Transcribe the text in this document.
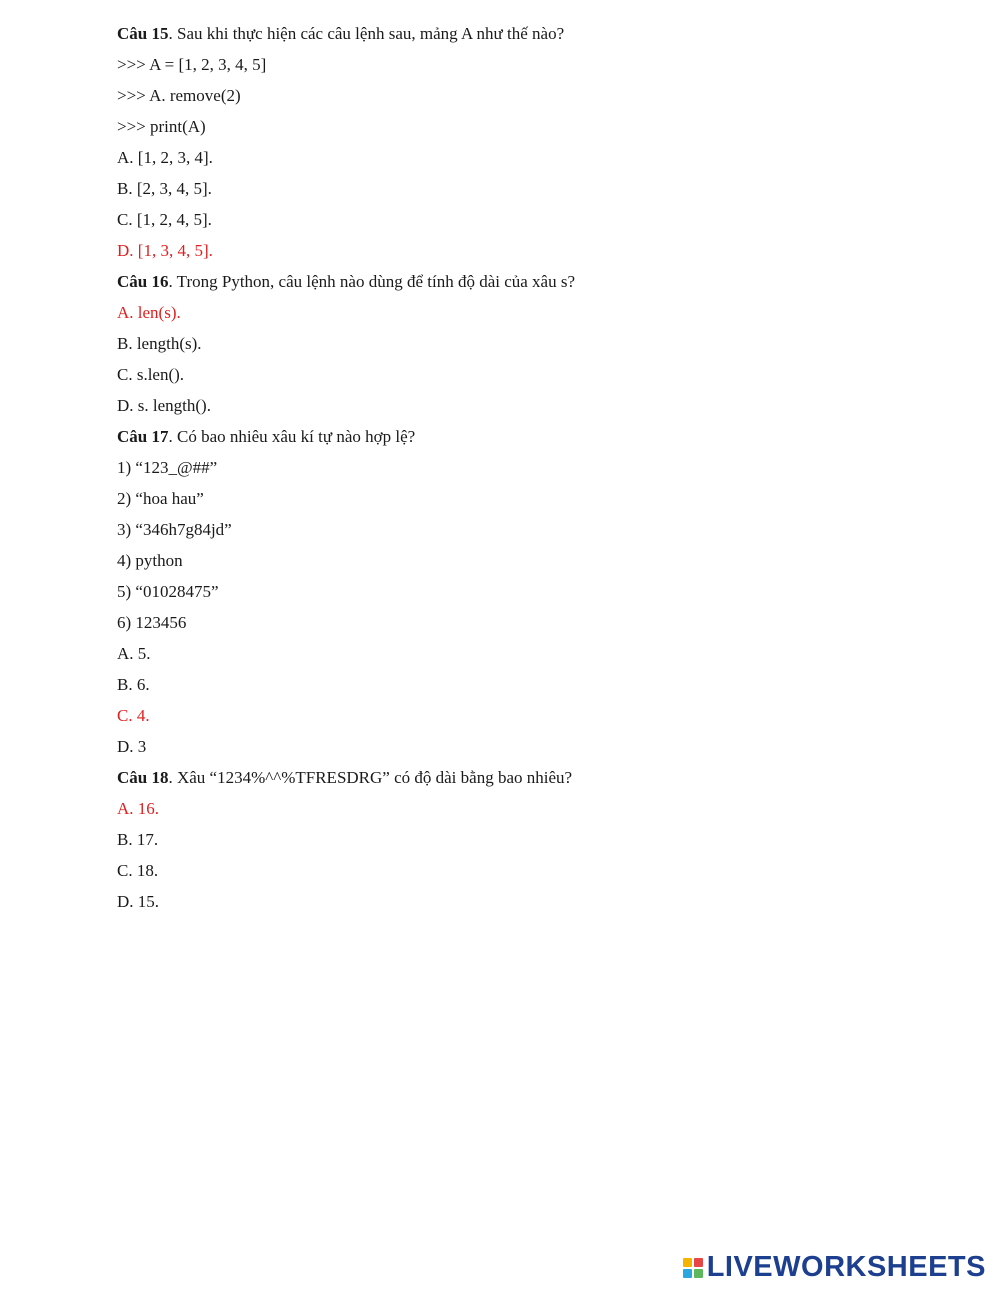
Câu 15. Sau khi thực hiện các câu lệnh sau, mảng A như thế nào?
>>> A = [1, 2, 3, 4, 5]
>>> A. remove(2)
>>> print(A)
A. [1, 2, 3, 4].
B. [2, 3, 4, 5].
C. [1, 2, 4, 5].
D. [1, 3, 4, 5].
Câu 16. Trong Python, câu lệnh nào dùng để tính độ dài của xâu s?
A. len(s).
B. length(s).
C. s.len().
D. s. length().
Câu 17. Có bao nhiêu xâu kí tự nào hợp lệ?
1) “123_@##”
2) “hoa hau”
3) “346h7g84jd”
4) python
5) “01028475”
6) 123456
A. 5.
B. 6.
C. 4.
D. 3
Câu 18. Xâu “1234%^^%TFRESDRG” có độ dài bằng bao nhiêu?
A. 16.
B. 17.
C. 18.
D. 15.
LIVEWORKSHEETS
